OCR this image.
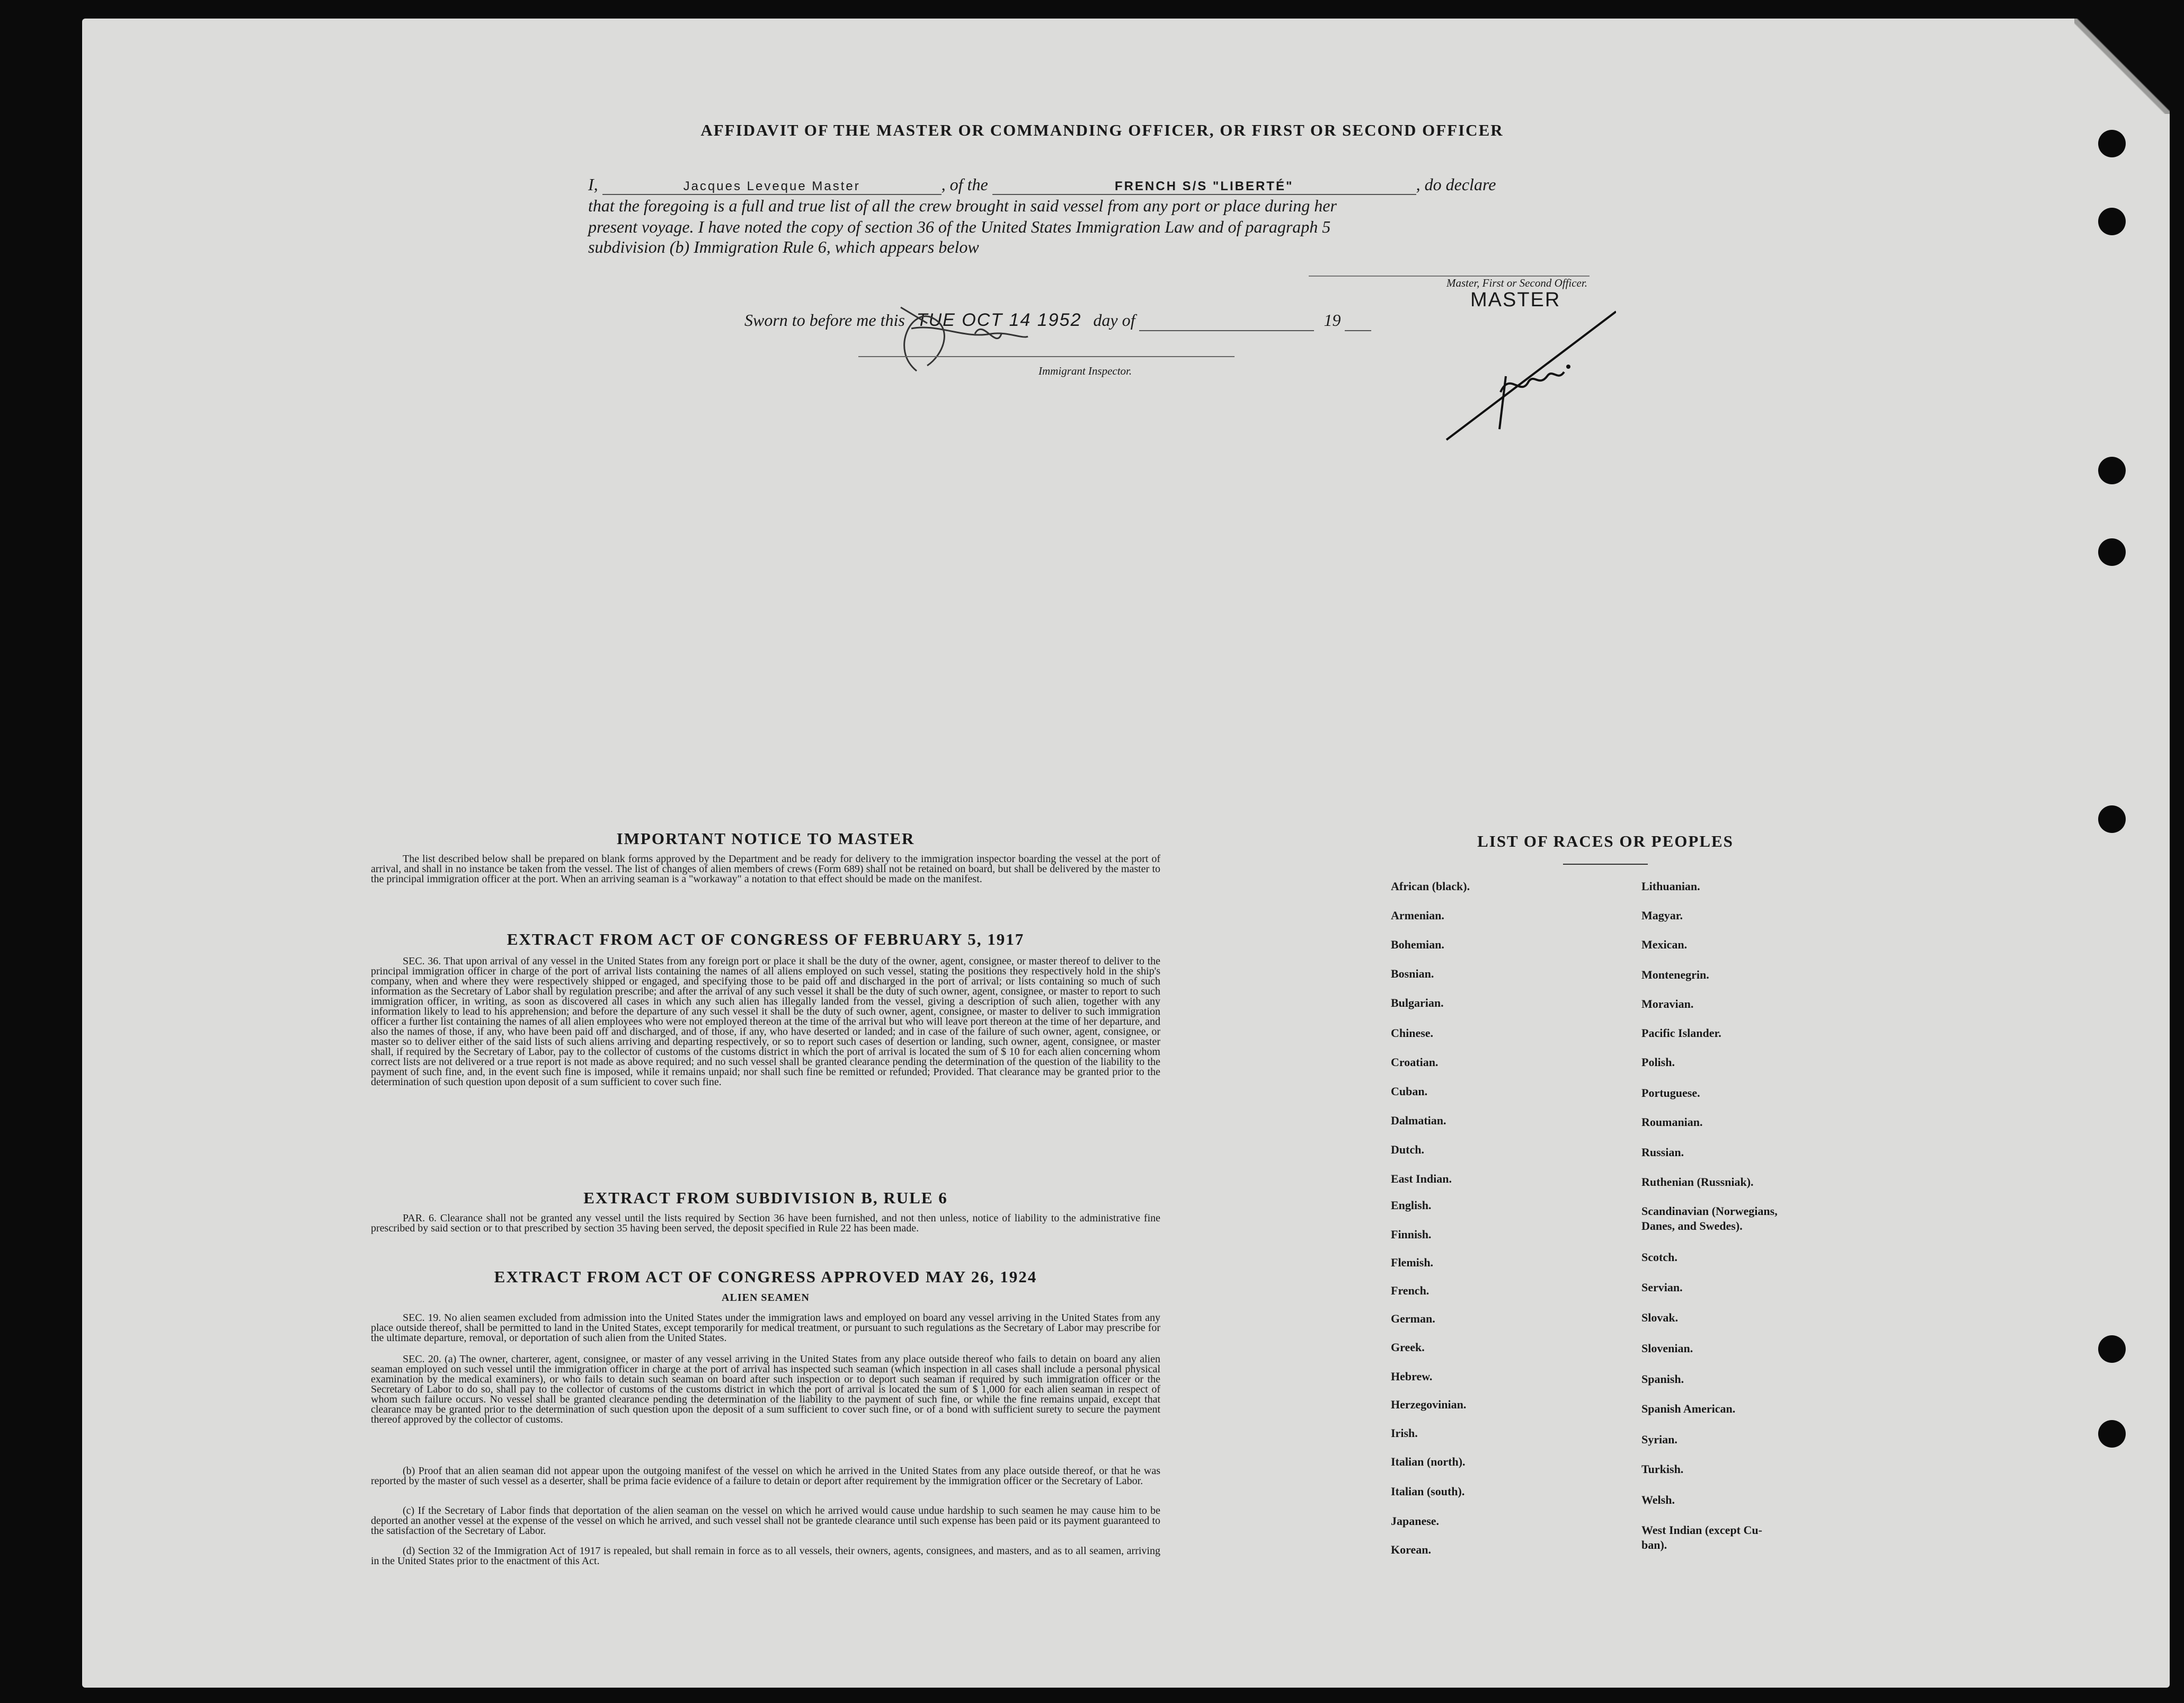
AFFIDAVIT OF THE MASTER OR COMMANDING OFFICER, OR FIRST OR SECOND OFFICER
I,	Jacques Leveque Master	, of the	FRENCH S/S "LIBERTÉ"	, do declare
that the foregoing is a full and true list of all the crew brought in said vessel from any port or place during her
present voyage. I have noted the copy of section 36 of the United States Immigration Law and of paragraph 5
subdivision (b) Immigration Rule 6, which appears below
Master, First or Second Officer.
MASTER
Sworn to before me this TUE OCT 14 1952 day of	19
Immigrant Inspector.
IMPORTANT NOTICE TO MASTER
The list described below shall be prepared on blank forms approved by the Department and be ready for delivery to the immigration inspector boarding the vessel at the port of arrival, and shall in no instance be taken from the vessel. The list of changes of alien members of crews (Form 689) shall not be retained on board, but shall be delivered by the master to the principal immigration officer at the port. When an arriving seaman is a "workaway" a notation to that effect should be made on the manifest.
EXTRACT FROM ACT OF CONGRESS OF FEBRUARY 5, 1917
SEC. 36. That upon arrival of any vessel in the United States from any foreign port or place it shall be the duty of the owner, agent, consignee, or master thereof to deliver to the principal immigration officer in charge of the port of arrival lists containing the names of all aliens employed on such vessel, stating the positions they respectively hold in the ship's company, when and where they were respectively shipped or engaged, and specifying those to be paid off and discharged in the port of arrival; or lists containing so much of such information as the Secretary of Labor shall by regulation prescribe; and after the arrival of any such vessel it shall be the duty of such owner, agent, consignee, or master to report to such immigration officer, in writing, as soon as discovered all cases in which any such alien has illegally landed from the vessel, giving a description of such alien, together with any information likely to lead to his apprehension; and before the departure of any such vessel it shall be the duty of such owner, agent, consignee, or master to deliver to such immigration officer a further list containing the names of all alien employees who were not employed thereon at the time of the arrival but who will leave port thereon at the time of her departure, and also the names of those, if any, who have been paid off and discharged, and of those, if any, who have deserted or landed; and in case of the failure of such owner, agent, consignee, or master so to deliver either of the said lists of such aliens arriving and departing respectively, or so to report such cases of desertion or landing, such owner, agent, consignee, or master shall, if required by the Secretary of Labor, pay to the collector of customs of the customs district in which the port of arrival is located the sum of $ 10 for each alien concerning whom correct lists are not delivered or a true report is not made as above required; and no such vessel shall be granted clearance pending the determination of the question of the liability to the payment of such fine, and, in the event such fine is imposed, while it remains unpaid; nor shall such fine be remitted or refunded; Provided. That clearance may be granted prior to the determination of such question upon deposit of a sum sufficient to cover such fine.
EXTRACT FROM SUBDIVISION B, RULE 6
PAR. 6. Clearance shall not be granted any vessel until the lists required by Section 36 have been furnished, and not then unless, notice of liability to the administrative fine prescribed by said section or to that prescribed by section 35 having been served, the deposit specified in Rule 22 has been made.
EXTRACT FROM ACT OF CONGRESS APPROVED MAY 26, 1924
ALIEN SEAMEN
SEC. 19. No alien seamen excluded from admission into the United States under the immigration laws and employed on board any vessel arriving in the United States from any place outside thereof, shall be permitted to land in the United States, except temporarily for medical treatment, or pursuant to such regulations as the Secretary of Labor may prescribe for the ultimate departure, removal, or deportation of such alien from the United States.
SEC. 20. (a) The owner, charterer, agent, consignee, or master of any vessel arriving in the United States from any place outside thereof who fails to detain on board any alien seaman employed on such vessel until the immigration officer in charge at the port of arrival has inspected such seaman (which inspection in all cases shall include a personal physical examination by the medical examiners), or who fails to detain such seaman on board after such inspection or to deport such seaman if required by such immigration officer or the Secretary of Labor to do so, shall pay to the collector of customs of the customs district in which the port of arrival is located the sum of $ 1,000 for each alien seaman in respect of whom such failure occurs. No vessel shall be granted clearance pending the determination of the liability to the payment of such fine, or while the fine remains unpaid, except that clearance may be granted prior to the determination of such question upon the deposit of a sum sufficient to cover such fine, or of a bond with sufficient surety to secure the payment thereof approved by the collector of customs.
(b) Proof that an alien seaman did not appear upon the outgoing manifest of the vessel on which he arrived in the United States from any place outside thereof, or that he was reported by the master of such vessel as a deserter, shall be prima facie evidence of a failure to detain or deport after requirement by the immigration officer or the Secretary of Labor.
(c) If the Secretary of Labor finds that deportation of the alien seaman on the vessel on which he arrived would cause undue hardship to such seamen he may cause him to be deported an another vessel at the expense of the vessel on which he arrived, and such vessel shall not be grantede clearance until such expense has been paid or its payment guaranteed to the satisfaction of the Secretary of Labor.
(d) Section 32 of the Immigration Act of 1917 is repealed, but shall remain in force as to all vessels, their owners, agents, consignees, and masters, and as to all seamen, arriving in the United States prior to the enactment of this Act.
LIST OF RACES OR PEOPLES
African (black).
Armenian.
Bohemian.
Bosnian.
Bulgarian.
Chinese.
Croatian.
Cuban.
Dalmatian.
Dutch.
East Indian.
English.
Finnish.
Flemish.
French.
German.
Greek.
Hebrew.
Herzegovinian.
Irish.
Italian (north).
Italian (south).
Japanese.
Korean.
Lithuanian.
Magyar.
Mexican.
Montenegrin.
Moravian.
Pacific Islander.
Polish.
Portuguese.
Roumanian.
Russian.
Ruthenian (Russniak).
Scandinavian (Norwegians,
Danes, and Swedes).
Scotch.
Servian.
Slovak.
Slovenian.
Spanish.
Spanish American.
Syrian.
Turkish.
Welsh.
West Indian (except Cu-
ban).
